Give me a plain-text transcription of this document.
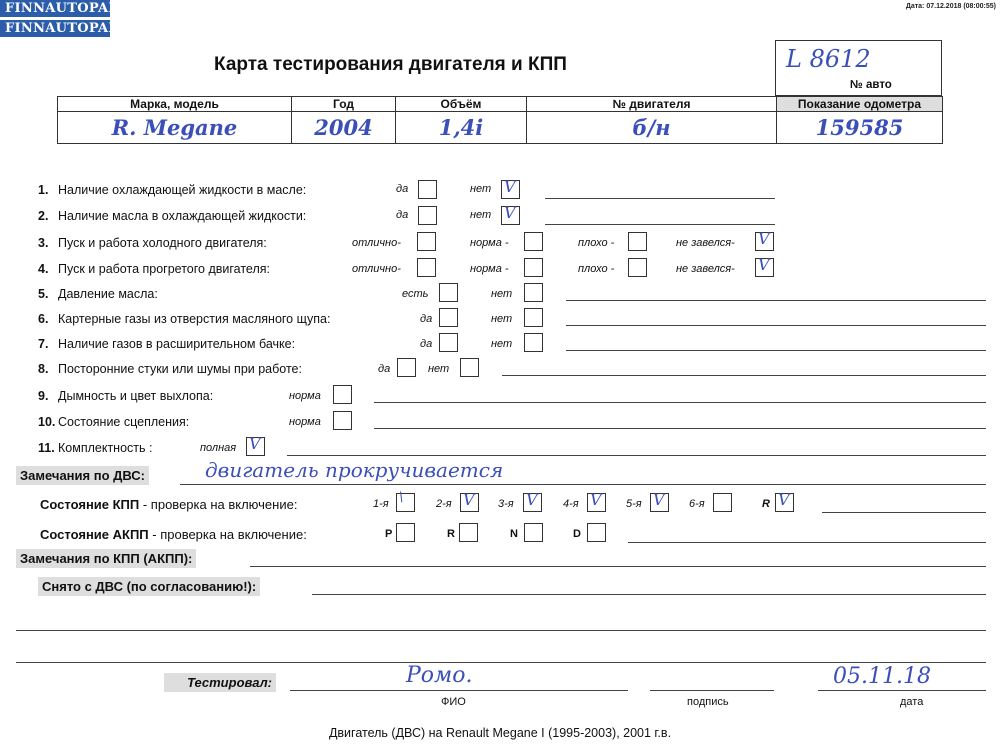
FINNAUTOPARTS
FINNAUTOPARTS
Дата: 07.12.2018 (08:00:55)
Карта тестирования двигателя и КПП	L 8612
№ авто
Марка, модель	Год	Объём	№ двигателя	Показание одометра
R. Megane	2004	1,4i	б/н	159585
1. Наличие охлаждающей жидкости в масле:	да	нет V
2. Наличие масла в охлаждающей жидкости:	да	нет V
3. Пуск и работа холодного двигателя:	отлично-	норма -	плохо -	не завелся- V
4. Пуск и работа прогретого двигателя:	отлично-	норма -	плохо -	не завелся- V
5. Давление масла:	есть	нет
6. Картерные газы из отверстия масляного щупа:	да	нет
7. Наличие газов в расширительном бачке:	да	нет
8. Посторонние стуки или шумы при работе:	да	нет
9. Дымность и цвет выхлопа:	норма
10. Состояние сцепления:	норма
11. Комплектность :	полная V
Замечания по ДВС:	двигатель прокручивается
Состояние КПП - проверка на включение:	1-я \	2-я V 3-я V 4-я V 5-я V 6-я	R V
Состояние АКПП - проверка на включение:	P	R	N	D
Замечания по КПП (АКПП):
Снято с ДВС (по согласованию!):
Тестировал:	Ромо.
ФИО	подпись
05.11.18
дата
Двигатель (ДВС) на Renault Megane I (1995-2003), 2001 г.в.
